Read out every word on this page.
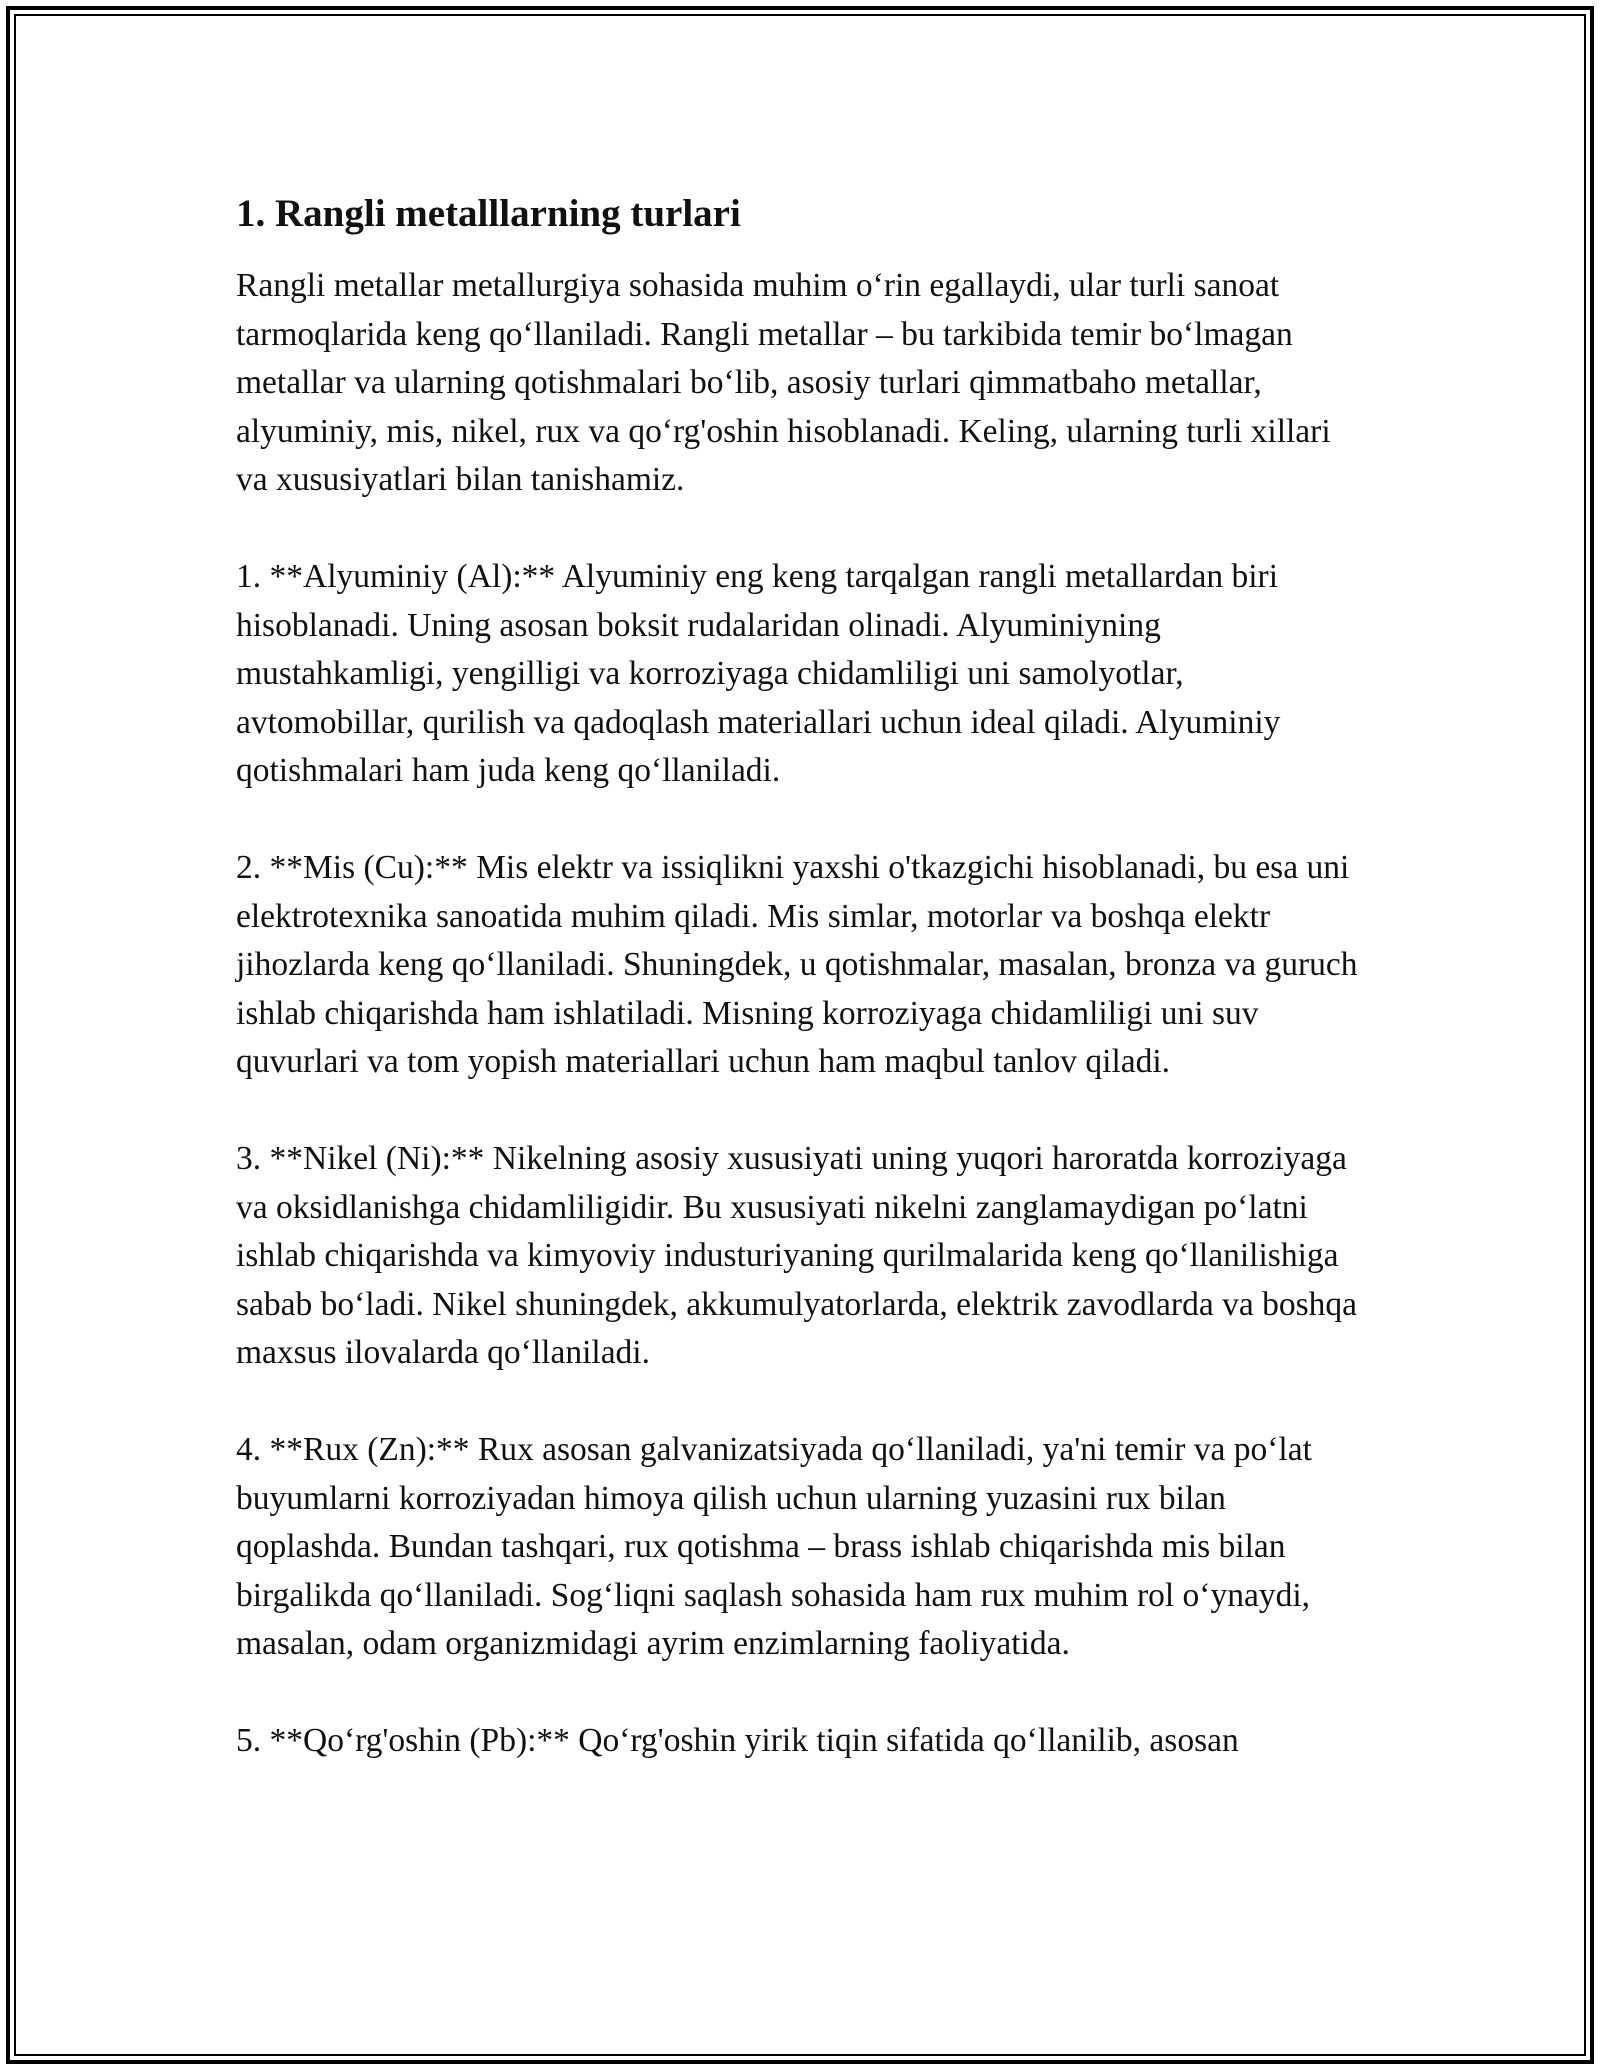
1. Rangli metalllarning turlari

Rangli metallar metallurgiya sohasida muhim o‘rin egallaydi, ular turli sanoat tarmoqlarida keng qo‘llaniladi. Rangli metallar – bu tarkibida temir bo‘lmagan metallar va ularning qotishmalari bo‘lib, asosiy turlari qimmatbaho metallar, alyuminiy, mis, nikel, rux va qo‘rg'oshin hisoblanadi. Keling, ularning turli xillari va xususiyatlari bilan tanishamiz.

1. **Alyuminiy (Al):** Alyuminiy eng keng tarqalgan rangli metallardan biri hisoblanadi. Uning asosan boksit rudalaridan olinadi. Alyuminiyning mustahkamligi, yengilligi va korroziyaga chidamliligi uni samolyotlar, avtomobillar, qurilish va qadoqlash materiallari uchun ideal qiladi. Alyuminiy qotishmalari ham juda keng qo‘llaniladi.

2. **Mis (Cu):** Mis elektr va issiqlikni yaxshi o'tkazgichi hisoblanadi, bu esa uni elektrotexnika sanoatida muhim qiladi. Mis simlar, motorlar va boshqa elektr jihozlarda keng qo‘llaniladi. Shuningdek, u qotishmalar, masalan, bronza va guruch ishlab chiqarishda ham ishlatiladi. Misning korroziyaga chidamliligi uni suv quvurlari va tom yopish materiallari uchun ham maqbul tanlov qiladi.

3. **Nikel (Ni):** Nikelning asosiy xususiyati uning yuqori haroratda korroziyaga va oksidlanishga chidamliligidir. Bu xususiyati nikelni zanglamaydigan po‘latni ishlab chiqarishda va kimyoviy industuriyaning qurilmalarida keng qo‘llanilishiga sabab bo‘ladi. Nikel shuningdek, akkumulyatorlarda, elektrik zavodlarda va boshqa maxsus ilovalarda qo‘llaniladi.

4. **Rux (Zn):** Rux asosan galvanizatsiyada qo‘llaniladi, ya'ni temir va po‘lat buyumlarni korroziyadan himoya qilish uchun ularning yuzasini rux bilan qoplashda. Bundan tashqari, rux qotishma – brass ishlab chiqarishda mis bilan birgalikda qo‘llaniladi. Sog‘liqni saqlash sohasida ham rux muhim rol o‘ynaydi, masalan, odam organizmidagi ayrim enzimlarning faoliyatida.

5. **Qo‘rg'oshin (Pb):** Qo‘rg'oshin yirik tiqin sifatida qo‘llanilib, asosan
